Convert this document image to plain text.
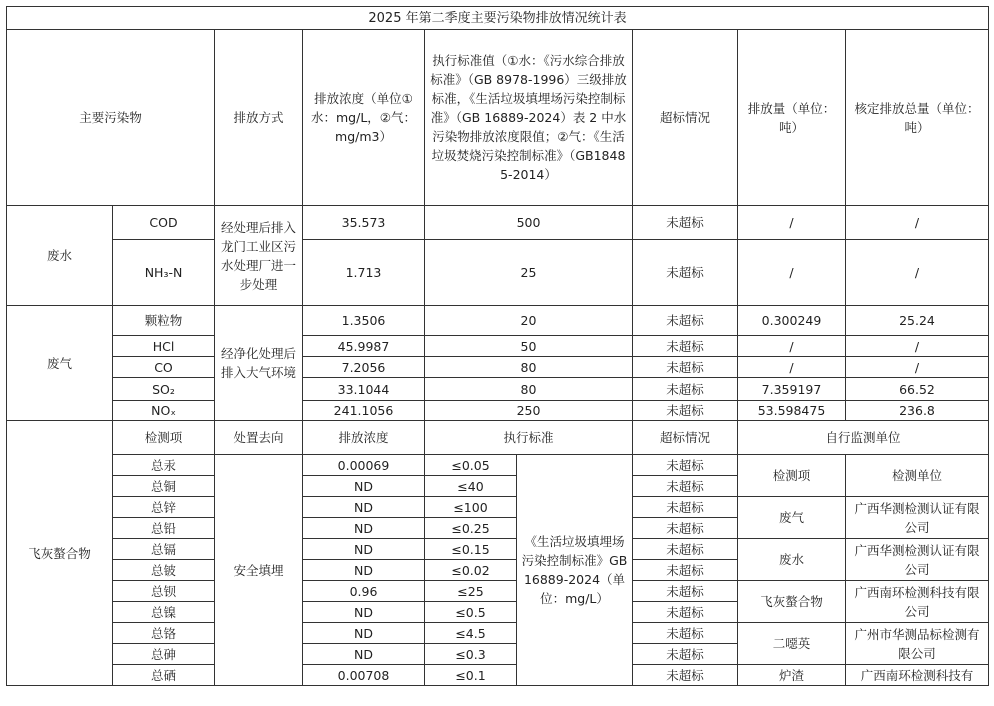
2025 年第二季度主要污染物排放情况统计表								
主要污染物		排放方式	排放浓度（单位①水：mg/L，②气：mg/m3）	执行标准值（①水：《污水综合排放标准》（GB 8978-1996）三级排放标准，《生活垃圾填埋场污染控制标准》（GB 16889-2024）表 2 中水污染物排放浓度限值；②气：《生活垃圾焚烧污染控制标准》（GB18485-2014）		超标情况	排放量（单位：吨）	核定排放总量（单位：吨）
废水	COD	经处理后排入龙门工业区污水处理厂进一步处理	35.573	500		未超标	/	/
	NH₃-N		1.713	25		未超标	/	/
废气	颗粒物	经净化处理后排入大气环境	1.3506	20		未超标	0.300249	25.24
	HCl		45.9987	50		未超标	/	/
	CO		7.2056	80		未超标	/	/
	SO₂		33.1044	80		未超标	7.359197	66.52
	NOₓ		241.1056	250		未超标	53.598475	236.8
飞灰螯合物	检测项	处置去向	排放浓度	执行标准		超标情况	自行监测单位	
	总汞	安全填埋	0.00069	≤0.05	《生活垃圾填埋场污染控制标准》GB16889-2024（单位：mg/L）	未超标	检测项	检测单位
	总铜		ND	≤40		未超标		
	总锌		ND	≤100		未超标	废气	广西华测检测认证有限公司
	总铅		ND	≤0.25		未超标		
	总镉		ND	≤0.15		未超标	废水	广西华测检测认证有限公司
	总铍		ND	≤0.02		未超标		
	总钡		0.96	≤25		未超标	飞灰螯合物	广西南环检测科技有限公司
	总镍		ND	≤0.5		未超标		
	总铬		ND	≤4.5		未超标	二噁英	广州市华测品标检测有限公司
	总砷		ND	≤0.3		未超标		
	总硒		0.00708	≤0.1		未超标	炉渣	广西南环检测科技有
